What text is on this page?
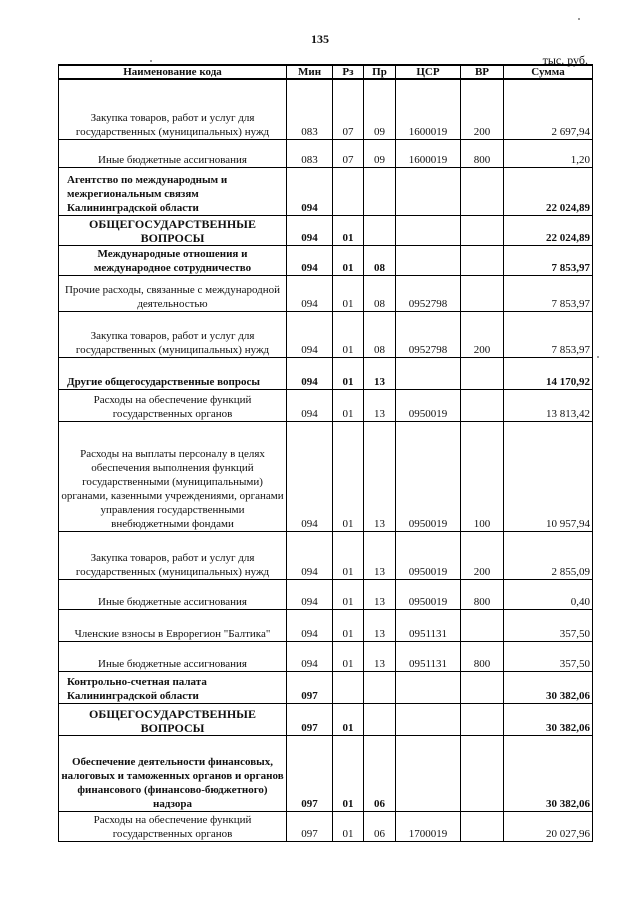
135
тыс. руб.
Наименование кода	Мин	Рз	Пр	ЦСР	ВР	Сумма
Закупка товаров, работ и услуг для государственных (муниципальных) нужд	083	07	09	1600019	200	2 697,94
Иные бюджетные ассигнования	083	07	09	1600019	800	1,20
Агентство по международным и межрегиональным связям Калининградской области	094					22 024,89
ОБЩЕГОСУДАРСТВЕННЫЕ ВОПРОСЫ	094	01				22 024,89
Международные отношения и международное сотрудничество	094	01	08			7 853,97
Прочие расходы, связанные с международной деятельностью	094	01	08	0952798		7 853,97
Закупка товаров, работ и услуг для государственных (муниципальных) нужд	094	01	08	0952798	200	7 853,97
Другие общегосударственные вопросы	094	01	13			14 170,92
Расходы на обеспечение функций государственных органов	094	01	13	0950019		13 813,42
Расходы на выплаты персоналу в целях обеспечения выполнения функций государственными (муниципальными) органами, казенными учреждениями, органами управления государственными внебюджетными фондами	094	01	13	0950019	100	10 957,94
Закупка товаров, работ и услуг для государственных (муниципальных) нужд	094	01	13	0950019	200	2 855,09
Иные бюджетные ассигнования	094	01	13	0950019	800	0,40
Членские взносы в Еврорегион "Балтика"	094	01	13	0951131		357,50
Иные бюджетные ассигнования	094	01	13	0951131	800	357,50
Контрольно-счетная палата Калининградской области	097					30 382,06
ОБЩЕГОСУДАРСТВЕННЫЕ ВОПРОСЫ	097	01				30 382,06
Обеспечение деятельности финансовых, налоговых и таможенных органов и органов финансового (финансово-бюджетного) надзора	097	01	06			30 382,06
Расходы на обеспечение функций государственных органов	097	01	06	1700019		20 027,96
